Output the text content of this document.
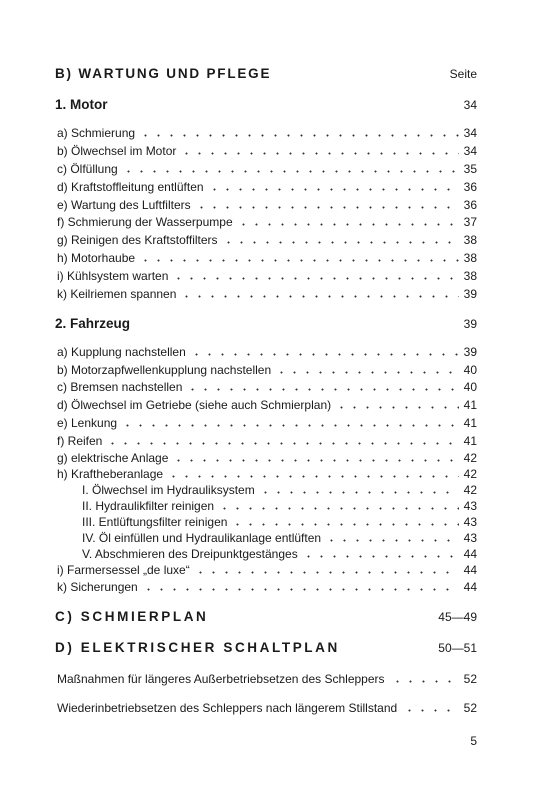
B) WARTUNG UND PFLEGE	Seite
1. Motor	34
a) Schmierung	34
b) Ölwechsel im Motor	34
c) Ölfüllung	35
d) Kraftstoffleitung entlüften	36
e) Wartung des Luftfilters	36
f) Schmierung der Wasserpumpe	37
g) Reinigen des Kraftstoffilters	38
h) Motorhaube	38
i) Kühlsystem warten	38
k) Keilriemen spannen	39
2. Fahrzeug	39
a) Kupplung nachstellen	39
b) Motorzapfwellenkupplung nachstellen	40
c) Bremsen nachstellen	40
d) Ölwechsel im Getriebe (siehe auch Schmierplan)	41
e) Lenkung	41
f) Reifen	41
g) elektrische Anlage	42
h) Kraftheberanlage	42
I. Ölwechsel im Hydrauliksystem	42
II. Hydraulikfilter reinigen	43
III. Entlüftungsfilter reinigen	43
IV. Öl einfüllen und Hydraulikanlage entlüften	43
V. Abschmieren des Dreipunktgestänges	44
i) Farmersessel „de luxe“	44
k) Sicherungen	44
C) SCHMIERPLAN	45—49
D) ELEKTRISCHER SCHALTPLAN	50—51
Maßnahmen für längeres Außerbetriebsetzen des Schleppers	52
Wiederinbetriebsetzen des Schleppers nach längerem Stillstand	52
5
